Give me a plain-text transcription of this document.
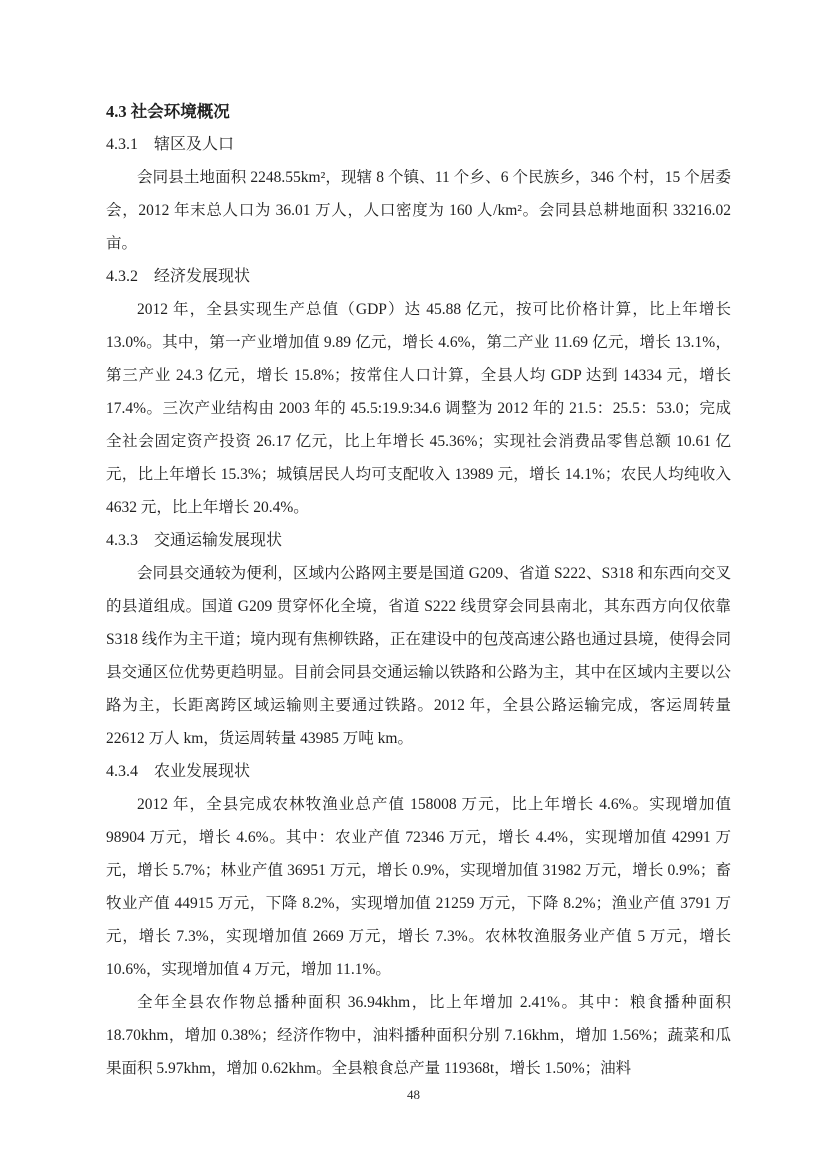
4.3 社会环境概况
4.3.1　辖区及人口

会同县土地面积 2248.55km²，现辖 8 个镇、11 个乡、6 个民族乡，346 个村，15 个居委会，2012 年末总人口为 36.01 万人，人口密度为 160 人/km²。会同县总耕地面积 33216.02 亩。

4.3.2　经济发展现状

2012 年，全县实现生产总值（GDP）达 45.88 亿元，按可比价格计算，比上年增长 13.0%。其中，第一产业增加值 9.89 亿元，增长 4.6%，第二产业 11.69 亿元，增长 13.1%，第三产业 24.3 亿元，增长 15.8%；按常住人口计算，全县人均 GDP 达到 14334 元，增长 17.4%。三次产业结构由 2003 年的 45.5:19.9:34.6 调整为 2012 年的 21.5：25.5：53.0；完成全社会固定资产投资 26.17 亿元，比上年增长 45.36%；实现社会消费品零售总额 10.61 亿元，比上年增长 15.3%；城镇居民人均可支配收入 13989 元，增长 14.1%；农民人均纯收入 4632 元，比上年增长 20.4%。

4.3.3　交通运输发展现状

会同县交通较为便利，区域内公路网主要是国道 G209、省道 S222、S318 和东西向交叉的县道组成。国道 G209 贯穿怀化全境，省道 S222 线贯穿会同县南北，其东西方向仅依靠 S318 线作为主干道；境内现有焦柳铁路，正在建设中的包茂高速公路也通过县境，使得会同县交通区位优势更趋明显。目前会同县交通运输以铁路和公路为主，其中在区域内主要以公路为主，长距离跨区域运输则主要通过铁路。2012 年，全县公路运输完成，客运周转量 22612 万人 km，货运周转量 43985 万吨 km。

4.3.4　农业发展现状

2012 年，全县完成农林牧渔业总产值 158008 万元，比上年增长 4.6%。实现增加值 98904 万元，增长 4.6%。其中：农业产值 72346 万元，增长 4.4%，实现增加值 42991 万元，增长 5.7%；林业产值 36951 万元，增长 0.9%，实现增加值 31982 万元，增长 0.9%；畜牧业产值 44915 万元，下降 8.2%，实现增加值 21259 万元，下降 8.2%；渔业产值 3791 万元，增长 7.3%，实现增加值 2669 万元，增长 7.3%。农林牧渔服务业产值 5 万元，增长 10.6%，实现增加值 4 万元，增加 11.1%。

全年全县农作物总播种面积 36.94khm，比上年增加 2.41%。其中：粮食播种面积 18.70khm，增加 0.38%；经济作物中，油料播种面积分别 7.16khm，增加 1.56%；蔬菜和瓜果面积 5.97khm，增加 0.62khm。全县粮食总产量 119368t，增长 1.50%；油料

48
